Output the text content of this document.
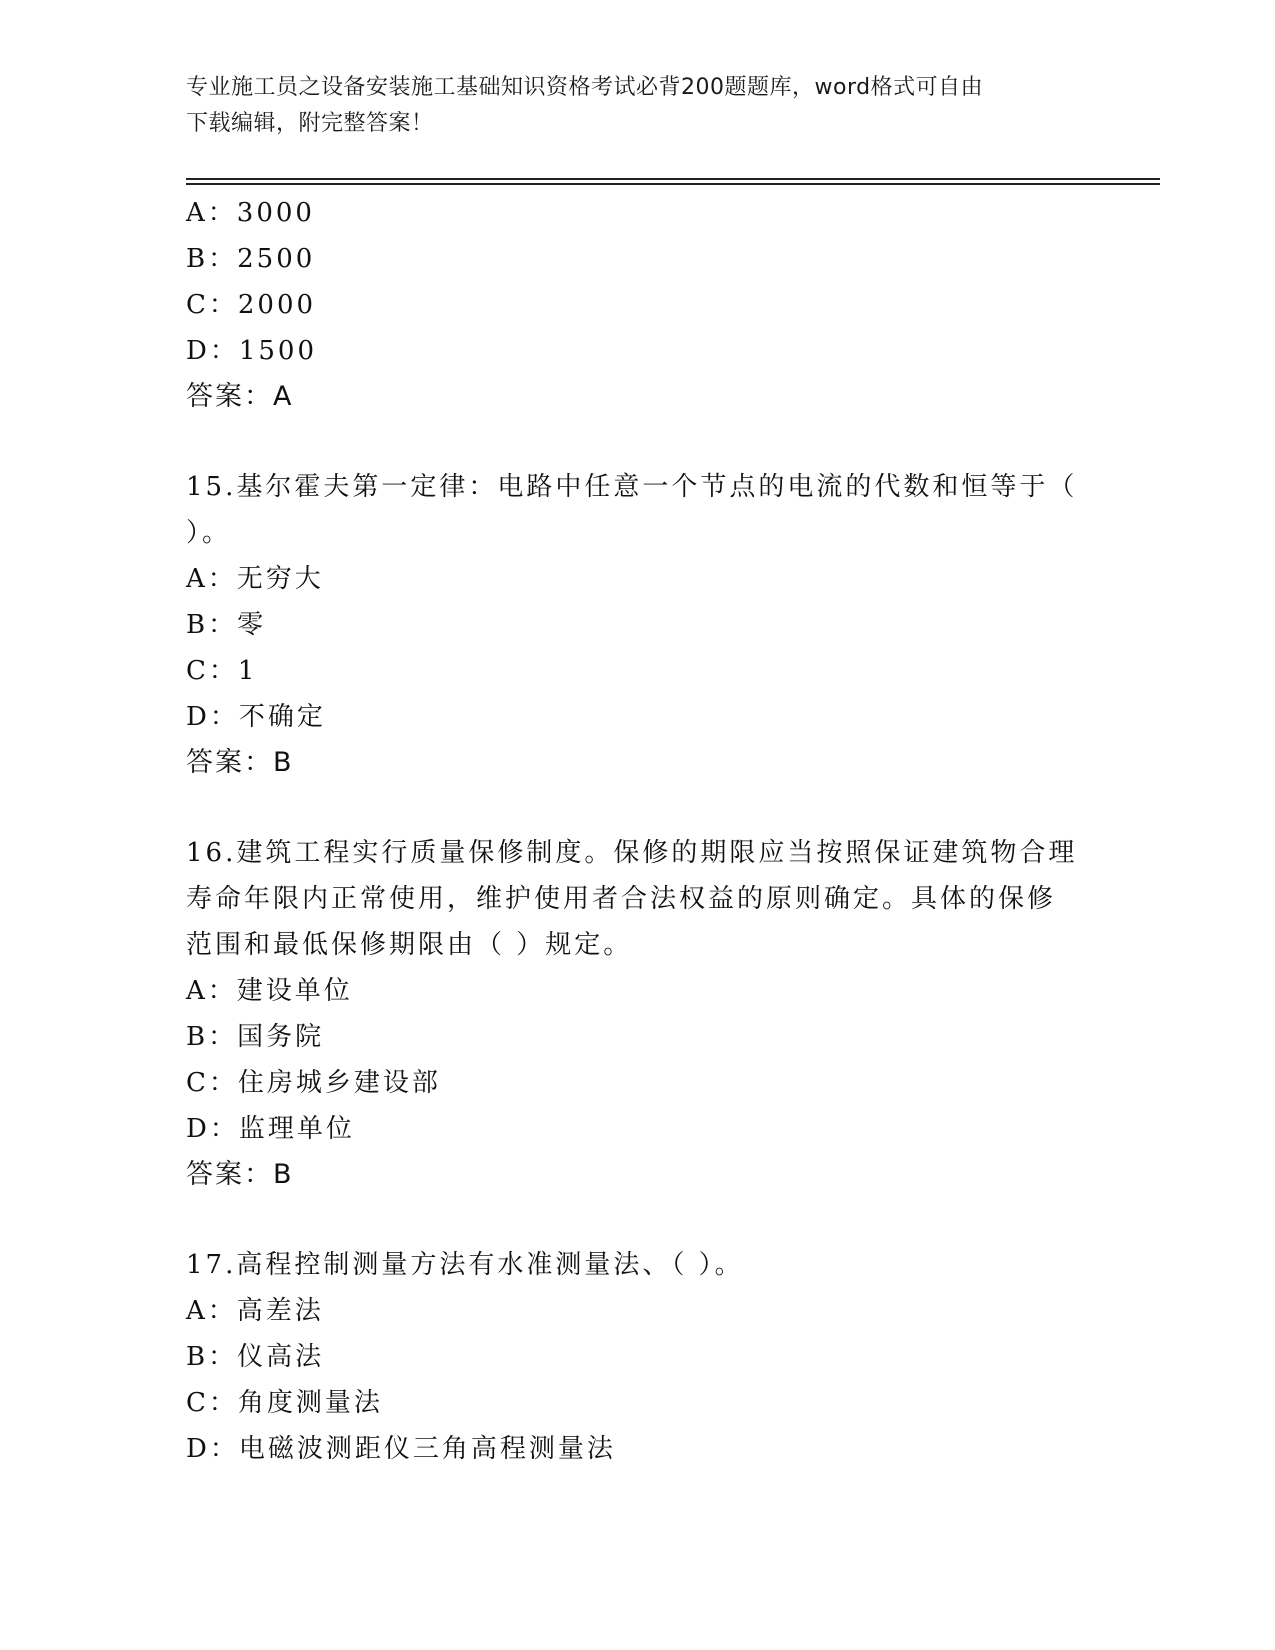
专业施工员之设备安装施工基础知识资格考试必背200题题库，word格式可自由
下载编辑，附完整答案！
A：3000
B：2500
C：2000
D：1500
答案：A
15.基尔霍夫第一定律：电路中任意一个节点的电流的代数和恒等于（
）。
A：无穷大
B：零
C：1
D：不确定
答案：B
16.建筑工程实行质量保修制度。保修的期限应当按照保证建筑物合理
寿命年限内正常使用，维护使用者合法权益的原则确定。具体的保修
范围和最低保修期限由（ ）规定。
A：建设单位
B：国务院
C：住房城乡建设部
D：监理单位
答案：B
17.高程控制测量方法有水准测量法、（ ）。
A：高差法
B：仪高法
C：角度测量法
D：电磁波测距仪三角高程测量法
